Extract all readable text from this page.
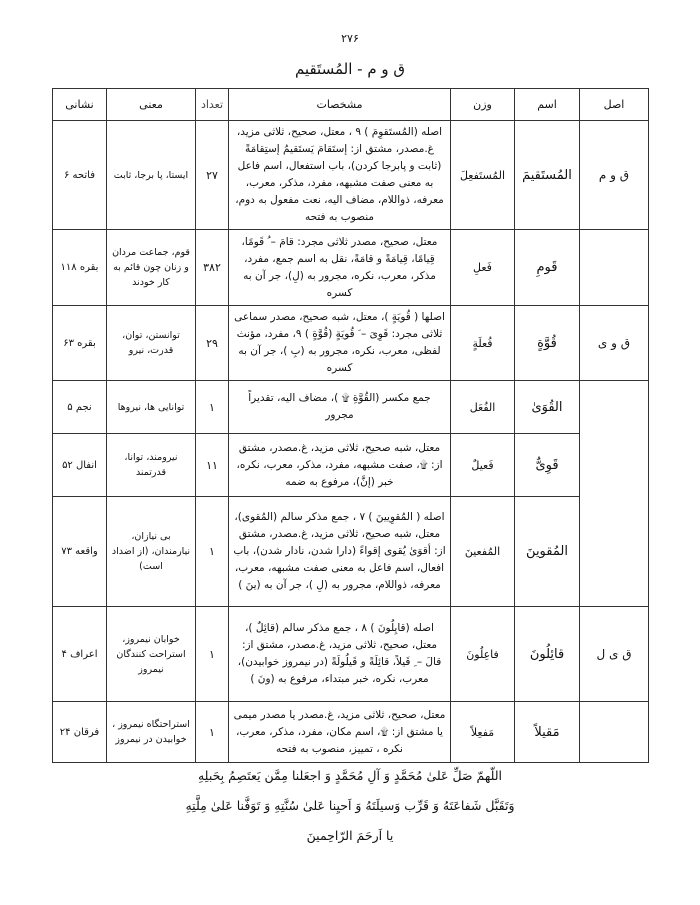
۲۷۶
ق و م - المُستَقیم
اصل	اسم	وزن	مشخصات	تعداد	معنی	نشانی
ق و م	المُستَقیمَ	المُستَفعِلَ	اصله (المُستَقوِمَ ) ۹ ، معتل، صحیح، ثلاثی مزید، غ.مصدر، مشتق از: إستَقامَ یَستَقیمُ إستِقامَةً (ثابت و پابرجا کردن)، باب استفعال، اسم فاعل به معنی صفت مشبهه، مفرد، مذکر، معرب، معرفه، ذواللام، مضاف الیه، نعت مفعول به دوم، منصوب به فتحه	۲۷	ایستا، پا برجا، ثابت	فاتحه ۶
	قَومِ	فَعلِ	معتل، صحیح، مصدر ثلاثی مجرد: قامَ – ُ قَومًا، قِیامًا، قِیامَةً و قامَةً، نقل به اسم جمع، مفرد، مذکر، معرب، نکره، مجرور به (لِ)، جر آن به کسره	۳۸۲	قوم، جماعت مردان و زنان چون قائم به کار خودند	بقره ۱۱۸
ق و ی	قُوَّةٍ	فُعلَةٍ	اصلها ( قُویَةٍ )، معتل، شبه صحیح، مصدر سماعی ثلاثی مجرد: قَوِیَ – َ قُویَةٍ (قُوَّةٍ ) ۹، مفرد، مؤنث لفظی، معرب، نکره، مجرور به (بِ )، جر آن به کسره	۲۹	توانستن، توان، قدرت، نیرو	بقره ۶۳
	القُوَیٰ	الفُعَل	جمع مکسر (القُوَّةِ ۩ )، مضاف الیه، تقدیراً مجرور	۱	توانایی ها، نیروها	نجم ۵
	قَوِیٌّ	فَعیلٌ	معتل، شبه صحیح، ثلاثی مزید، غ.مصدر، مشتق از: ۩، صفت مشبهه، مفرد، مذکر، معرب، نکره، خبر (إنَّ)، مرفوع به ضمه	۱۱	نیرومند، توانا، قدرتمند	انفال ۵۲
	المُقوینَ	المُفعینَ	اصله ( المُقوِیینَ ) ۷ ، جمع مذکر سالم (المُقوی)، معتل، شبه صحیح، ثلاثی مزید، غ.مصدر، مشتق از: أقوَیٰ یُقوی إقواءً (دارا شدن، نادار شدن)، باب افعال، اسم فاعل به معنی صفت مشبهه، معرب، معرفه، ذواللام، مجرور به (لِ )، جر آن به (ینَ )	۱	بی نیازان، نیارمندان، (از اضداد است)	واقعه ۷۳
ق ی ل	قائِلُونَ	فاعِلُونَ	اصله (قایِلُونَ ) ۸ ، جمع مذکر سالم (قائِلٌ )، معتل، صحیح، ثلاثی مزید، غ.مصدر، مشتق از: قالَ – ِ قَیلاً، قائِلَةً و قَیلُولَةً (در نیمروز خوابیدن)، معرب، نکره، خبر مبتداء، مرفوع به (ونَ )	۱	خوابان نیمروز، استراحت کنندگان نیمروز	اعراف ۴
	مَقیلاً	مَفعِلاً	معتل، صحیح، ثلاثی مزید، غ.مصدر یا مصدر میمی یا مشتق از: ۩، اسم مکان، مفرد، مذکر، معرب، نکره ، تمییز، منصوب به فتحه	۱	استراحتگاه نیمروز ، خوابیدن در نیمروز	فرقان ۲۴
اللّهمّ صَلِّ عَلیٰ مُحَمَّدٍ وَ آلِ مُحَمَّدٍ وَ اجعَلنا مِمَّن یَعتَصِمُ بِحَبلِهِ
وَتَقَبَّل شَفاعَتَهُ وَ قَرِّب وَسیلَتَهُ وَ اَحیِنا عَلیٰ سُنَّتِهِ وَ تَوَفَّنا عَلیٰ مِلَّتِهِ
یا اَرحَمَ الرّاحِمینَ
